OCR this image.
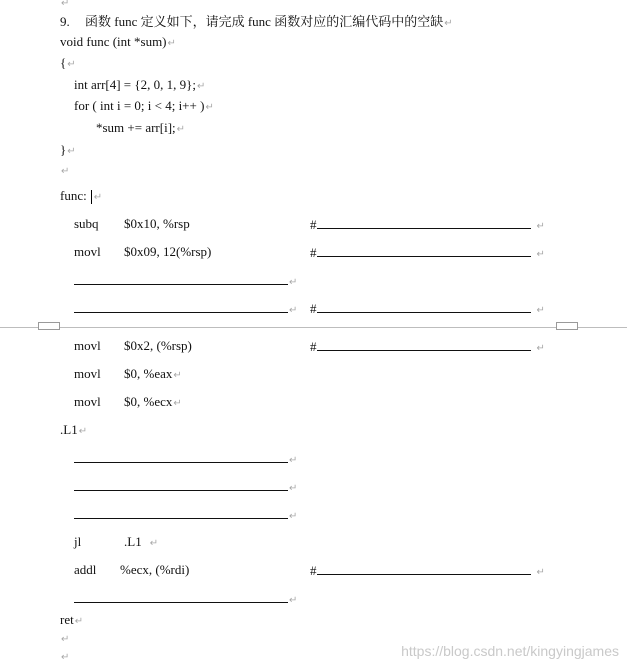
↵
9. 函数 func 定义如下，请完成 func 函数对应的汇编代码中的空缺↵
void func (int *sum)↵
{↵
int arr[4] = {2, 0, 1, 9};↵
for ( int i = 0; i < 4; i++ )↵
*sum += arr[i];↵
}↵
↵
func: ↵
subq $0x10, %rsp	#	↵
movl $0x09, 12(%rsp)	#	↵
↵
↵ #	↵
movl $0x2, (%rsp)	#	↵
movl $0, %eax↵
movl $0, %ecx↵
.L1↵
↵
↵
↵
jl	.L1 ↵
addl %ecx, (%rdi)	#	↵
↵
ret↵
↵
↵	https://blog.csdn.net/kingyingjames
